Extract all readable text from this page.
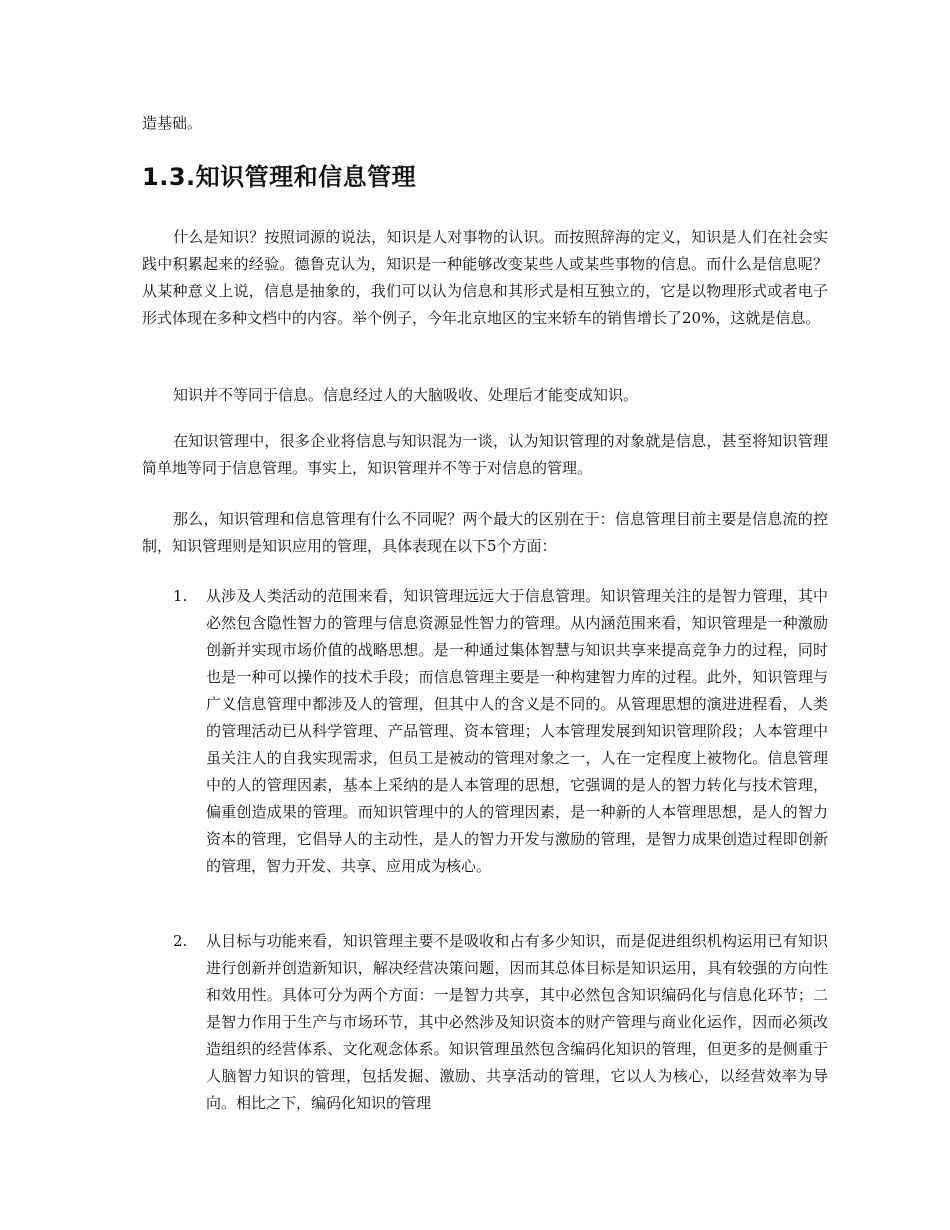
造基础。
1.3.知识管理和信息管理

什么是知识？按照词源的说法，知识是人对事物的认识。而按照辞海的定义，知识是人们在社会实践中积累起来的经验。德鲁克认为，知识是一种能够改变某些人或某些事物的信息。而什么是信息呢？从某种意义上说，信息是抽象的，我们可以认为信息和其形式是相互独立的，它是以物理形式或者电子形式体现在多种文档中的内容。举个例子，今年北京地区的宝来轿车的销售增长了20%，这就是信息。

知识并不等同于信息。信息经过人的大脑吸收、处理后才能变成知识。

在知识管理中，很多企业将信息与知识混为一谈，认为知识管理的对象就是信息，甚至将知识管理简单地等同于信息管理。事实上，知识管理并不等于对信息的管理。

那么，知识管理和信息管理有什么不同呢？两个最大的区别在于：信息管理目前主要是信息流的控制，知识管理则是知识应用的管理，具体表现在以下5个方面：

1. 从涉及人类活动的范围来看，知识管理远远大于信息管理。知识管理关注的是智力管理，其中必然包含隐性智力的管理与信息资源显性智力的管理。从内涵范围来看，知识管理是一种激励创新并实现市场价值的战略思想。是一种通过集体智慧与知识共享来提高竞争力的过程，同时也是一种可以操作的技术手段；而信息管理主要是一种构建智力库的过程。此外，知识管理与广义信息管理中都涉及人的管理，但其中人的含义是不同的。从管理思想的演进进程看，人类的管理活动已从科学管理、产品管理、资本管理；人本管理发展到知识管理阶段；人本管理中虽关注人的自我实现需求，但员工是被动的管理对象之一，人在一定程度上被物化。信息管理中的人的管理因素，基本上采纳的是人本管理的思想，它强调的是人的智力转化与技术管理，偏重创造成果的管理。而知识管理中的人的管理因素，是一种新的人本管理思想，是人的智力资本的管理，它倡导人的主动性，是人的智力开发与激励的管理，是智力成果创造过程即创新的管理，智力开发、共享、应用成为核心。
2. 从目标与功能来看，知识管理主要不是吸收和占有多少知识，而是促进组织机构运用已有知识进行创新并创造新知识，解决经营决策问题，因而其总体目标是知识运用，具有较强的方向性和效用性。具体可分为两个方面：一是智力共享，其中必然包含知识编码化与信息化环节；二是智力作用于生产与市场环节，其中必然涉及知识资本的财产管理与商业化运作，因而必须改造组织的经营体系、文化观念体系。知识管理虽然包含编码化知识的管理，但更多的是侧重于人脑智力知识的管理，包括发掘、激励、共享活动的管理，它以人为核心，以经营效率为导向。相比之下，编码化知识的管理
